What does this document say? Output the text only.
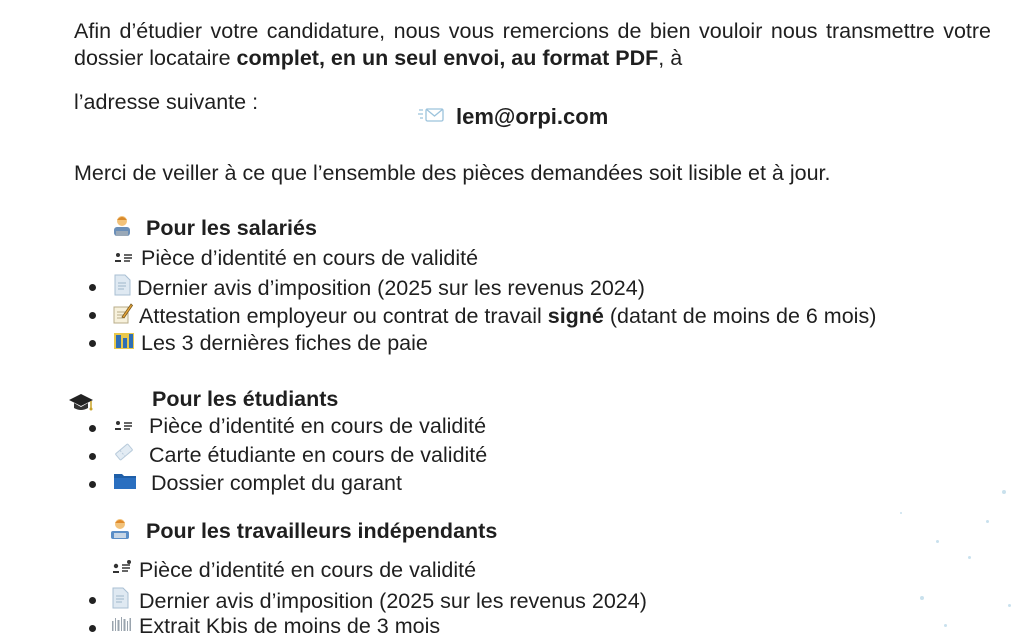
Afin d’étudier votre candidature, nous vous remercions de bien vouloir nous transmettre votre dossier locataire complet, en un seul envoi, au format PDF, à

l’adresse suivante :
lem@orpi.com
Merci de veiller à ce que l’ensemble des pièces demandées soit lisible et à jour.
Pour les salariés
Pièce d’identité en cours de validité
Dernier avis d’imposition (2025 sur les revenus 2024)
Attestation employeur ou contrat de travail signé (datant de moins de 6 mois)
Les 3 dernières fiches de paie
Pour les étudiants
Pièce d’identité en cours de validité
Carte étudiante en cours de validité
Dossier complet du garant
Pour les travailleurs indépendants
Pièce d’identité en cours de validité
Dernier avis d’imposition (2025 sur les revenus 2024)
Extrait Kbis de moins de 3 mois
